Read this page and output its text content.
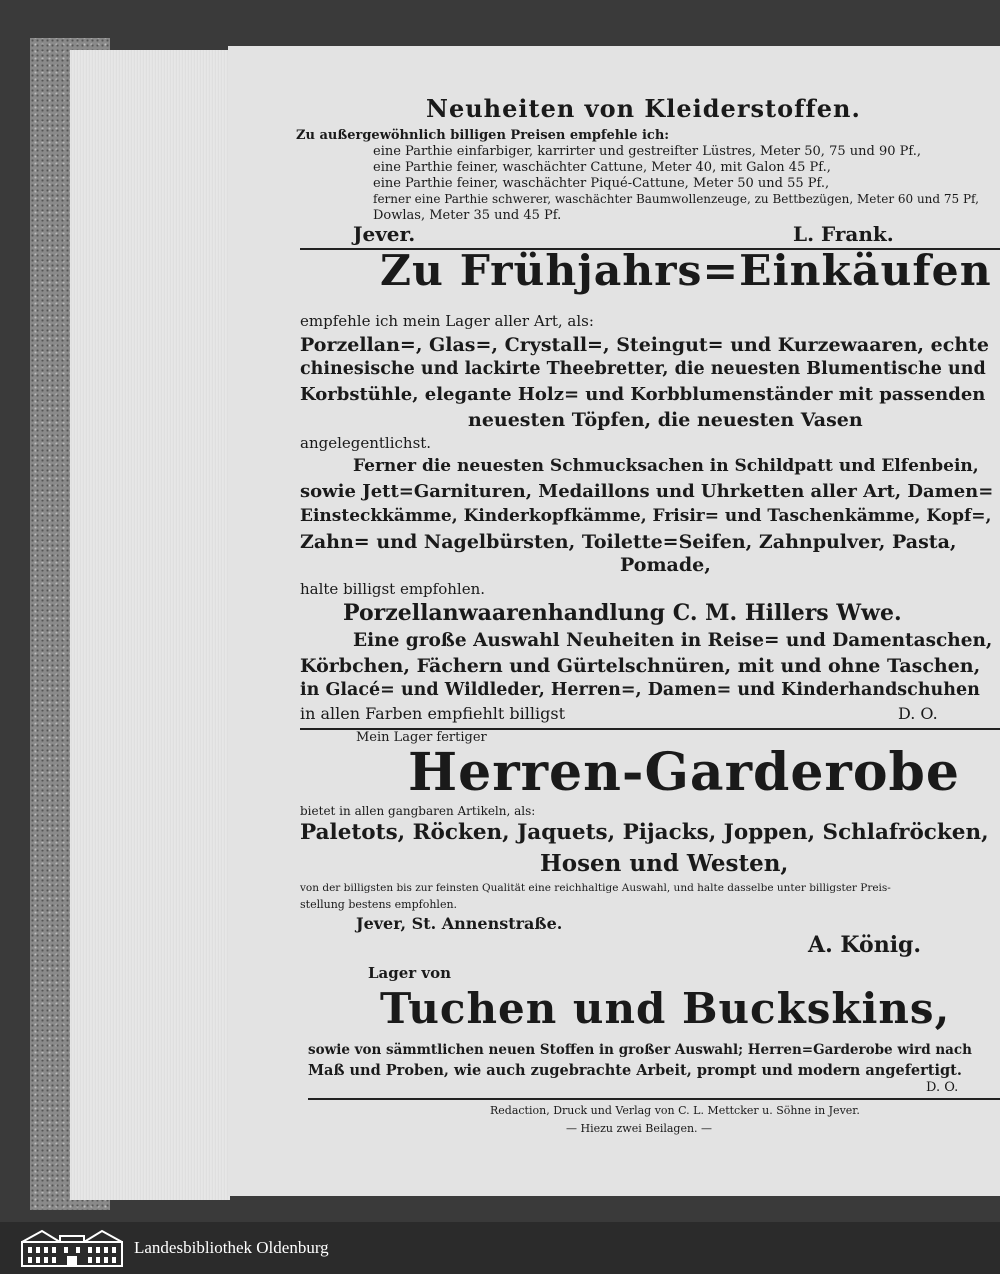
Neuheiten von Kleiderstoffen.
Zu außergewöhnlich billigen Preisen empfehle ich:
eine Parthie einfarbiger, karrirter und gestreifter Lüstres, Meter 50, 75 und 90 Pf.,
eine Parthie feiner, waschächter Cattune, Meter 40, mit Galon 45 Pf.,
eine Parthie feiner, waschächter Piqué-Cattune, Meter 50 und 55 Pf.,
ferner eine Parthie schwerer, waschächter Baumwollenzeuge, zu Bettbezügen, Meter 60 und 75 Pf,
Dowlas, Meter 35 und 45 Pf.
Jever.	L. Frank.
Zu Frühjahrs=Einkäufen
empfehle ich mein Lager aller Art, als:
Porzellan=, Glas=, Crystall=, Steingut= und Kurzewaaren, echte
chinesische und lackirte Theebretter, die neuesten Blumentische und
Korbstühle, elegante Holz= und Korbblumenständer mit passenden
neuesten Töpfen, die neuesten Vasen
angelegentlichst.
Ferner die neuesten Schmucksachen in Schildpatt und Elfenbein,
sowie Jett=Garnituren, Medaillons und Uhrketten aller Art, Damen=
Einsteckkämme, Kinderkopfkämme, Frisir= und Taschenkämme, Kopf=,
Zahn= und Nagelbürsten, Toilette=Seifen, Zahnpulver, Pasta,
Pomade,
halte billigst empfohlen.
Porzellanwaarenhandlung C. M. Hillers Wwe.
Eine große Auswahl Neuheiten in Reise= und Damentaschen,
Körbchen, Fächern und Gürtelschnüren, mit und ohne Taschen,
in Glacé= und Wildleder, Herren=, Damen= und Kinderhandschuhen
in allen Farben empfiehlt billigst	D. O.
Mein Lager fertiger
Herren-Garderobe
bietet in allen gangbaren Artikeln, als:
Paletots, Röcken, Jaquets, Pijacks, Joppen, Schlafröcken,
Hosen und Westen,
von der billigsten bis zur feinsten Qualität eine reichhaltige Auswahl, und halte dasselbe unter billigster Preis-
stellung bestens empfohlen.
Jever, St. Annenstraße.
A. König.
Lager von
Tuchen und Buckskins,
sowie von sämmtlichen neuen Stoffen in großer Auswahl; Herren=Garderobe wird nach
Maß und Proben, wie auch zugebrachte Arbeit, prompt und modern angefertigt.
D. O.
Redaction, Druck und Verlag von C. L. Mettcker u. Söhne in Jever.
— Hiezu zwei Beilagen. —
Landesbibliothek Oldenburg
